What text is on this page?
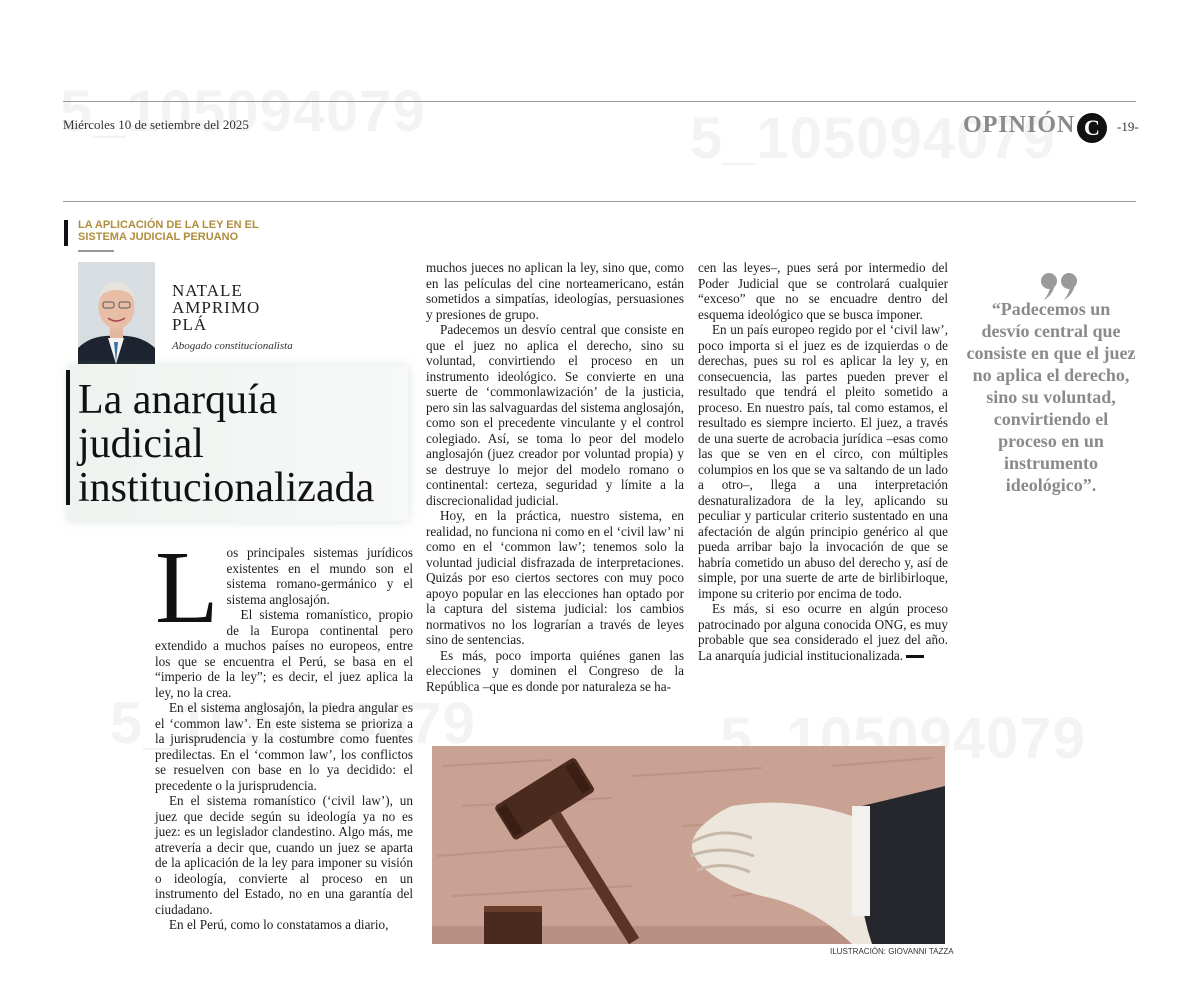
Miércoles 10 de setiembre del 2025	OPINIÓN C	-19-
LA APLICACIÓN DE LA LEY EN EL SISTEMA JUDICIAL PERUANO
NATALE
AMPRIMO
PLÁ
Abogado constitucionalista
La anarquía judicial institucionalizada
L os principales sistemas jurídicos existentes en el mundo son el sistema romano-germánico y el sistema anglosajón.

El sistema romanístico, propio de la Europa continental pero extendido a muchos países no europeos, entre los que se encuentra el Perú, se basa en el “imperio de la ley”; es decir, el juez aplica la ley, no la crea.

En el sistema anglosajón, la piedra angular es el ‘common law’. En este sistema se prioriza a la jurisprudencia y la costumbre como fuentes predilectas. En el ‘common law’, los conflictos se resuelven con base en lo ya decidido: el precedente o la jurisprudencia.

En el sistema romanístico (‘civil law’), un juez que decide según su ideología ya no es juez: es un legislador clandestino. Algo más, me atrevería a decir que, cuando un juez se aparta de la aplicación de la ley para imponer su visión o ideología, convierte al proceso en un instrumento del Estado, no en una garantía del ciudadano.

En el Perú, como lo constatamos a diario,

muchos jueces no aplican la ley, sino que, como en las películas del cine norteamericano, están sometidos a simpatías, ideologías, persuasiones y presiones de grupo.

Padecemos un desvío central que consiste en que el juez no aplica el derecho, sino su voluntad, convirtiendo el proceso en un instrumento ideológico. Se convierte en una suerte de ‘commonlawización’ de la justicia, pero sin las salvaguardas del sistema anglosajón, como son el precedente vinculante y el control colegiado. Así, se toma lo peor del modelo anglosajón (juez creador por voluntad propia) y se destruye lo mejor del modelo romano o continental: certeza, seguridad y límite a la discrecionalidad judicial.

Hoy, en la práctica, nuestro sistema, en realidad, no funciona ni como en el ‘civil law’ ni como en el ‘common law’; tenemos solo la voluntad judicial disfrazada de interpretaciones. Quizás por eso ciertos sectores con muy poco apoyo popular en las elecciones han optado por la captura del sistema judicial: los cambios normativos no los lograrían a través de leyes sino de sentencias.

Es más, poco importa quiénes ganen las elecciones y dominen el Congreso de la República –que es donde por naturaleza se ha-

cen las leyes–, pues será por intermedio del Poder Judicial que se controlará cualquier “exceso” que no se encuadre dentro del esquema ideológico que se busca imponer.

En un país europeo regido por el ‘civil law’, poco importa si el juez es de izquierdas o de derechas, pues su rol es aplicar la ley y, en consecuencia, las partes pueden prever el resultado que tendrá el pleito sometido a proceso. En nuestro país, tal como estamos, el resultado es siempre incierto. El juez, a través de una suerte de acrobacia jurídica –esas como las que se ven en el circo, con múltiples columpios en los que se va saltando de un lado a otro–, llega a una interpretación desnaturalizadora de la ley, aplicando su peculiar y particular criterio sustentado en una afectación de algún principio genérico al que pueda arribar bajo la invocación de que se habría cometido un abuso del derecho y, así de simple, por una suerte de arte de birlibirloque, impone su criterio por encima de todo.

Es más, si eso ocurre en algún proceso patrocinado por alguna conocida ONG, es muy probable que sea considerado el juez del año. La anarquía judicial institucionalizada.

“Padecemos un desvío central que consiste en que el juez no aplica el derecho, sino su voluntad, convirtiendo el proceso en un instrumento ideológico”.
ILUSTRACIÓN: GIOVANNI TAZZA
